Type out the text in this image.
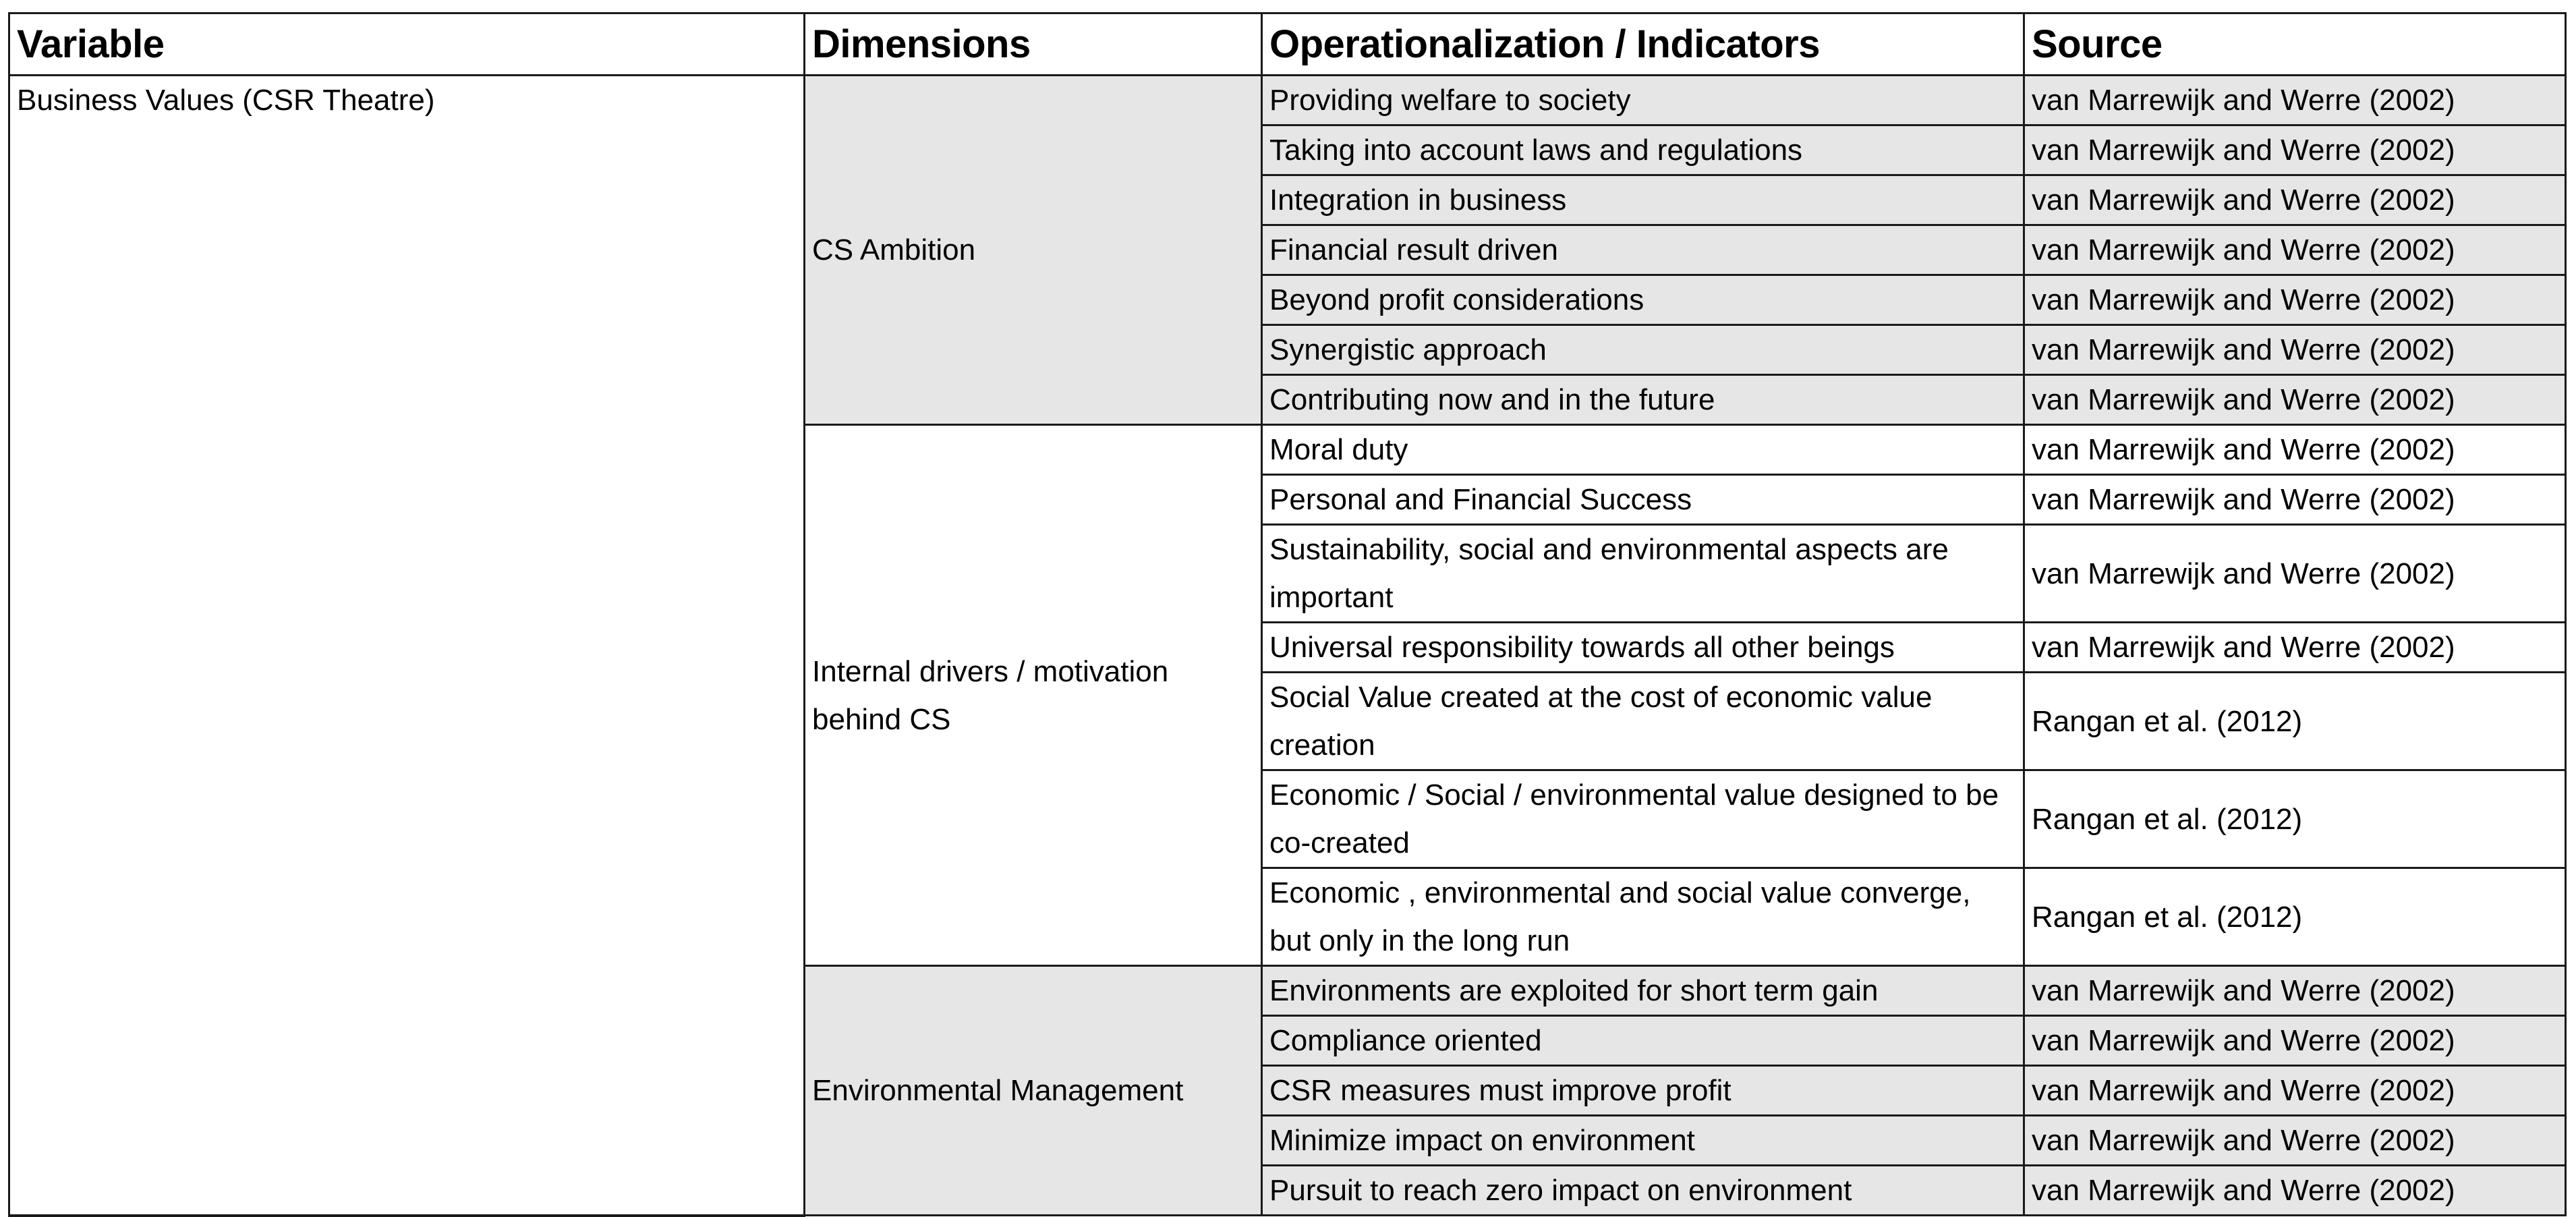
Variable	Dimensions	Operationalization / Indicators	Source
Business Values (CSR Theatre)	CS Ambition	Providing welfare to society	van Marrewijk and Werre (2002)
		Taking into account laws and regulations	van Marrewijk and Werre (2002)
		Integration in business	van Marrewijk and Werre (2002)
		Financial result driven	van Marrewijk and Werre (2002)
		Beyond profit considerations	van Marrewijk and Werre (2002)
		Synergistic approach	van Marrewijk and Werre (2002)
		Contributing now and in the future	van Marrewijk and Werre (2002)
	Internal drivers / motivation behind CS	Moral duty	van Marrewijk and Werre (2002)
		Personal and Financial Success	van Marrewijk and Werre (2002)
		Sustainability, social and environmental aspects are important	van Marrewijk and Werre (2002)
		Universal responsibility towards all other beings	van Marrewijk and Werre (2002)
		Social Value created at the cost of economic value creation	Rangan et al. (2012)
		Economic / Social / environmental value designed to be co-created	Rangan et al. (2012)
		Economic , environmental and social value converge, but only in the long run	Rangan et al. (2012)
	Environmental Management	Environments are exploited for short term gain	van Marrewijk and Werre (2002)
		Compliance oriented	van Marrewijk and Werre (2002)
		CSR measures must improve profit	van Marrewijk and Werre (2002)
		Minimize impact on environment	van Marrewijk and Werre (2002)
		Pursuit to reach zero impact on environment	van Marrewijk and Werre (2002)
